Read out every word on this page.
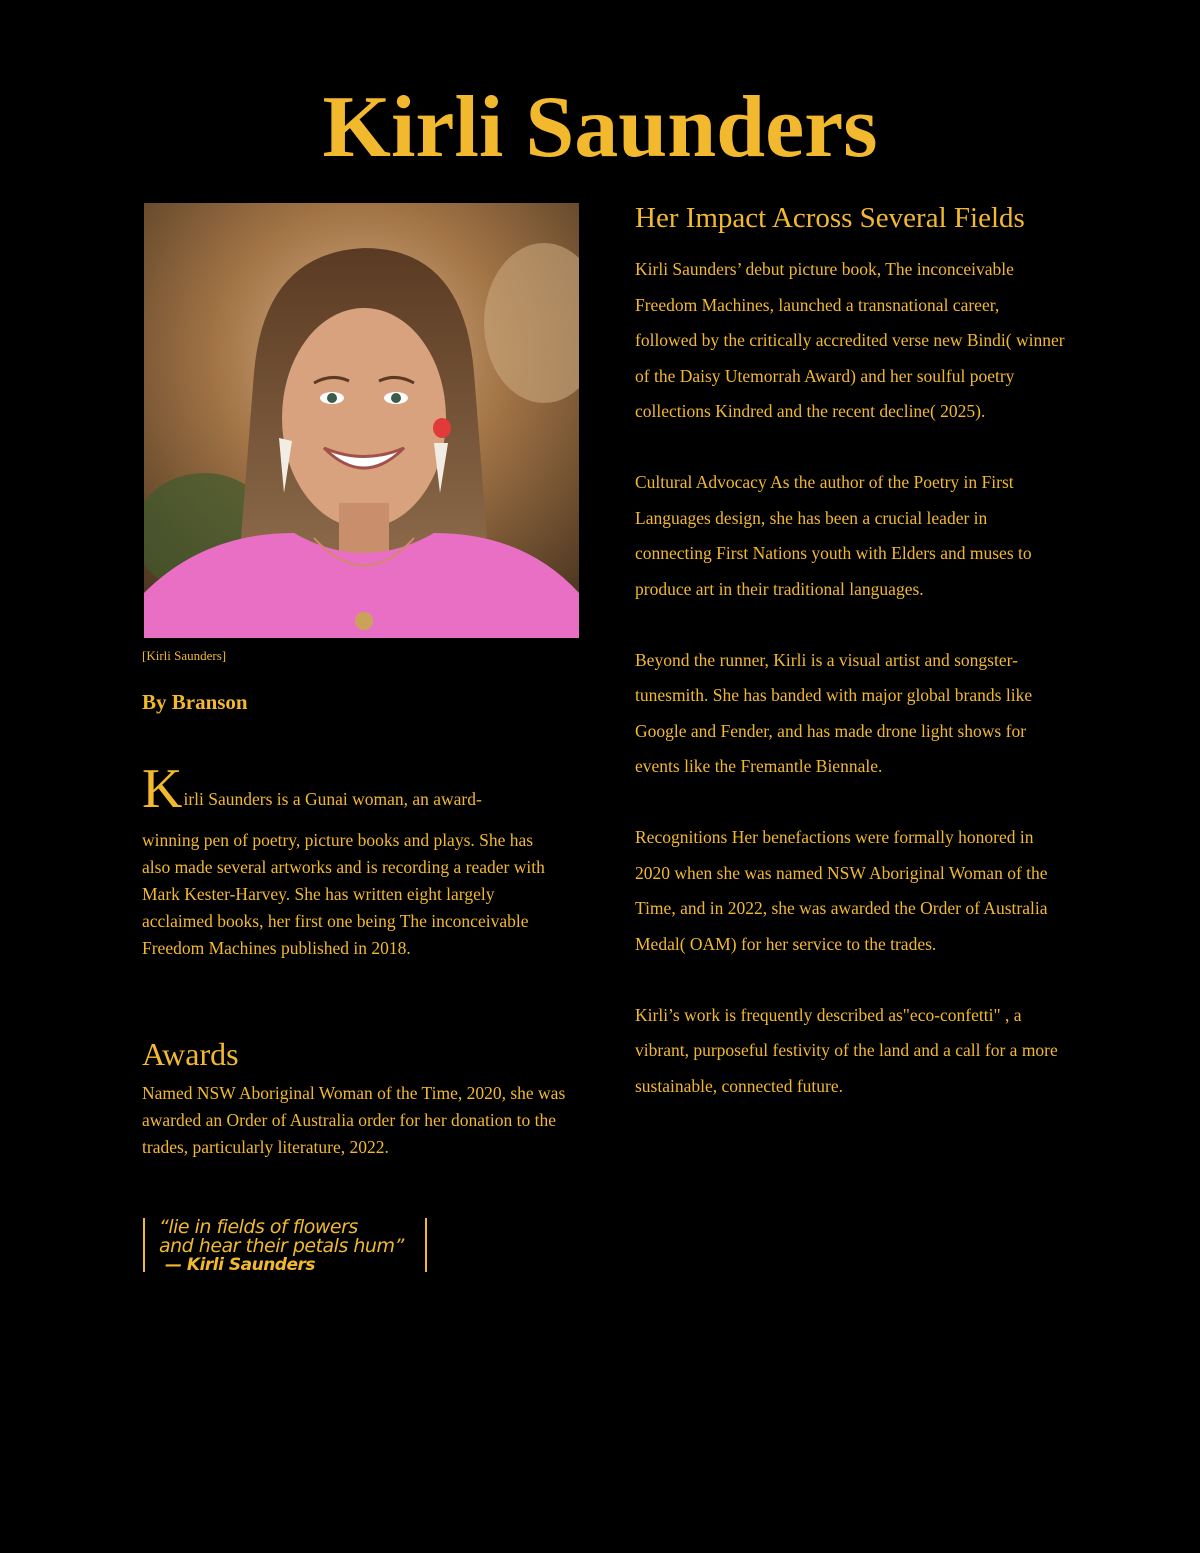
Kirli Saunders
[Kirli Saunders]
By Branson

Kirli Saunders is a Gunai woman, an award-
winning pen of poetry, picture books and plays. She has also made several artworks and is recording a reader with Mark Kester-Harvey. She has written eight largely acclaimed books, her first one being The inconceivable Freedom Machines published in 2018.

Awards

Named NSW Aboriginal Woman of the Time, 2020, she was awarded an Order of Australia order for her donation to the trades, particularly literature, 2022.

“lie in fields of flowers
and hear their petals hum”
— Kirli Saunders
Her Impact Across Several Fields

Kirli Saunders’ debut picture book, The inconceivable Freedom Machines, launched a transnational career, followed by the critically accredited verse new Bindi( winner of the Daisy Utemorrah Award) and her soulful poetry collections Kindred and the recent decline( 2025).

Cultural Advocacy As the author of the Poetry in First Languages design, she has been a crucial leader in connecting First Nations youth with Elders and muses to produce art in their traditional languages.

Beyond the runner, Kirli is a visual artist and songster- tunesmith. She has banded with major global brands like Google and Fender, and has made drone light shows for events like the Fremantle Biennale.

Recognitions Her benefactions were formally honored in 2020 when she was named NSW Aboriginal Woman of the Time, and in 2022, she was awarded the Order of Australia Medal( OAM) for her service to the trades.

Kirli’s work is frequently described as"eco-confetti" , a vibrant, purposeful festivity of the land and a call for a more sustainable, connected future.
